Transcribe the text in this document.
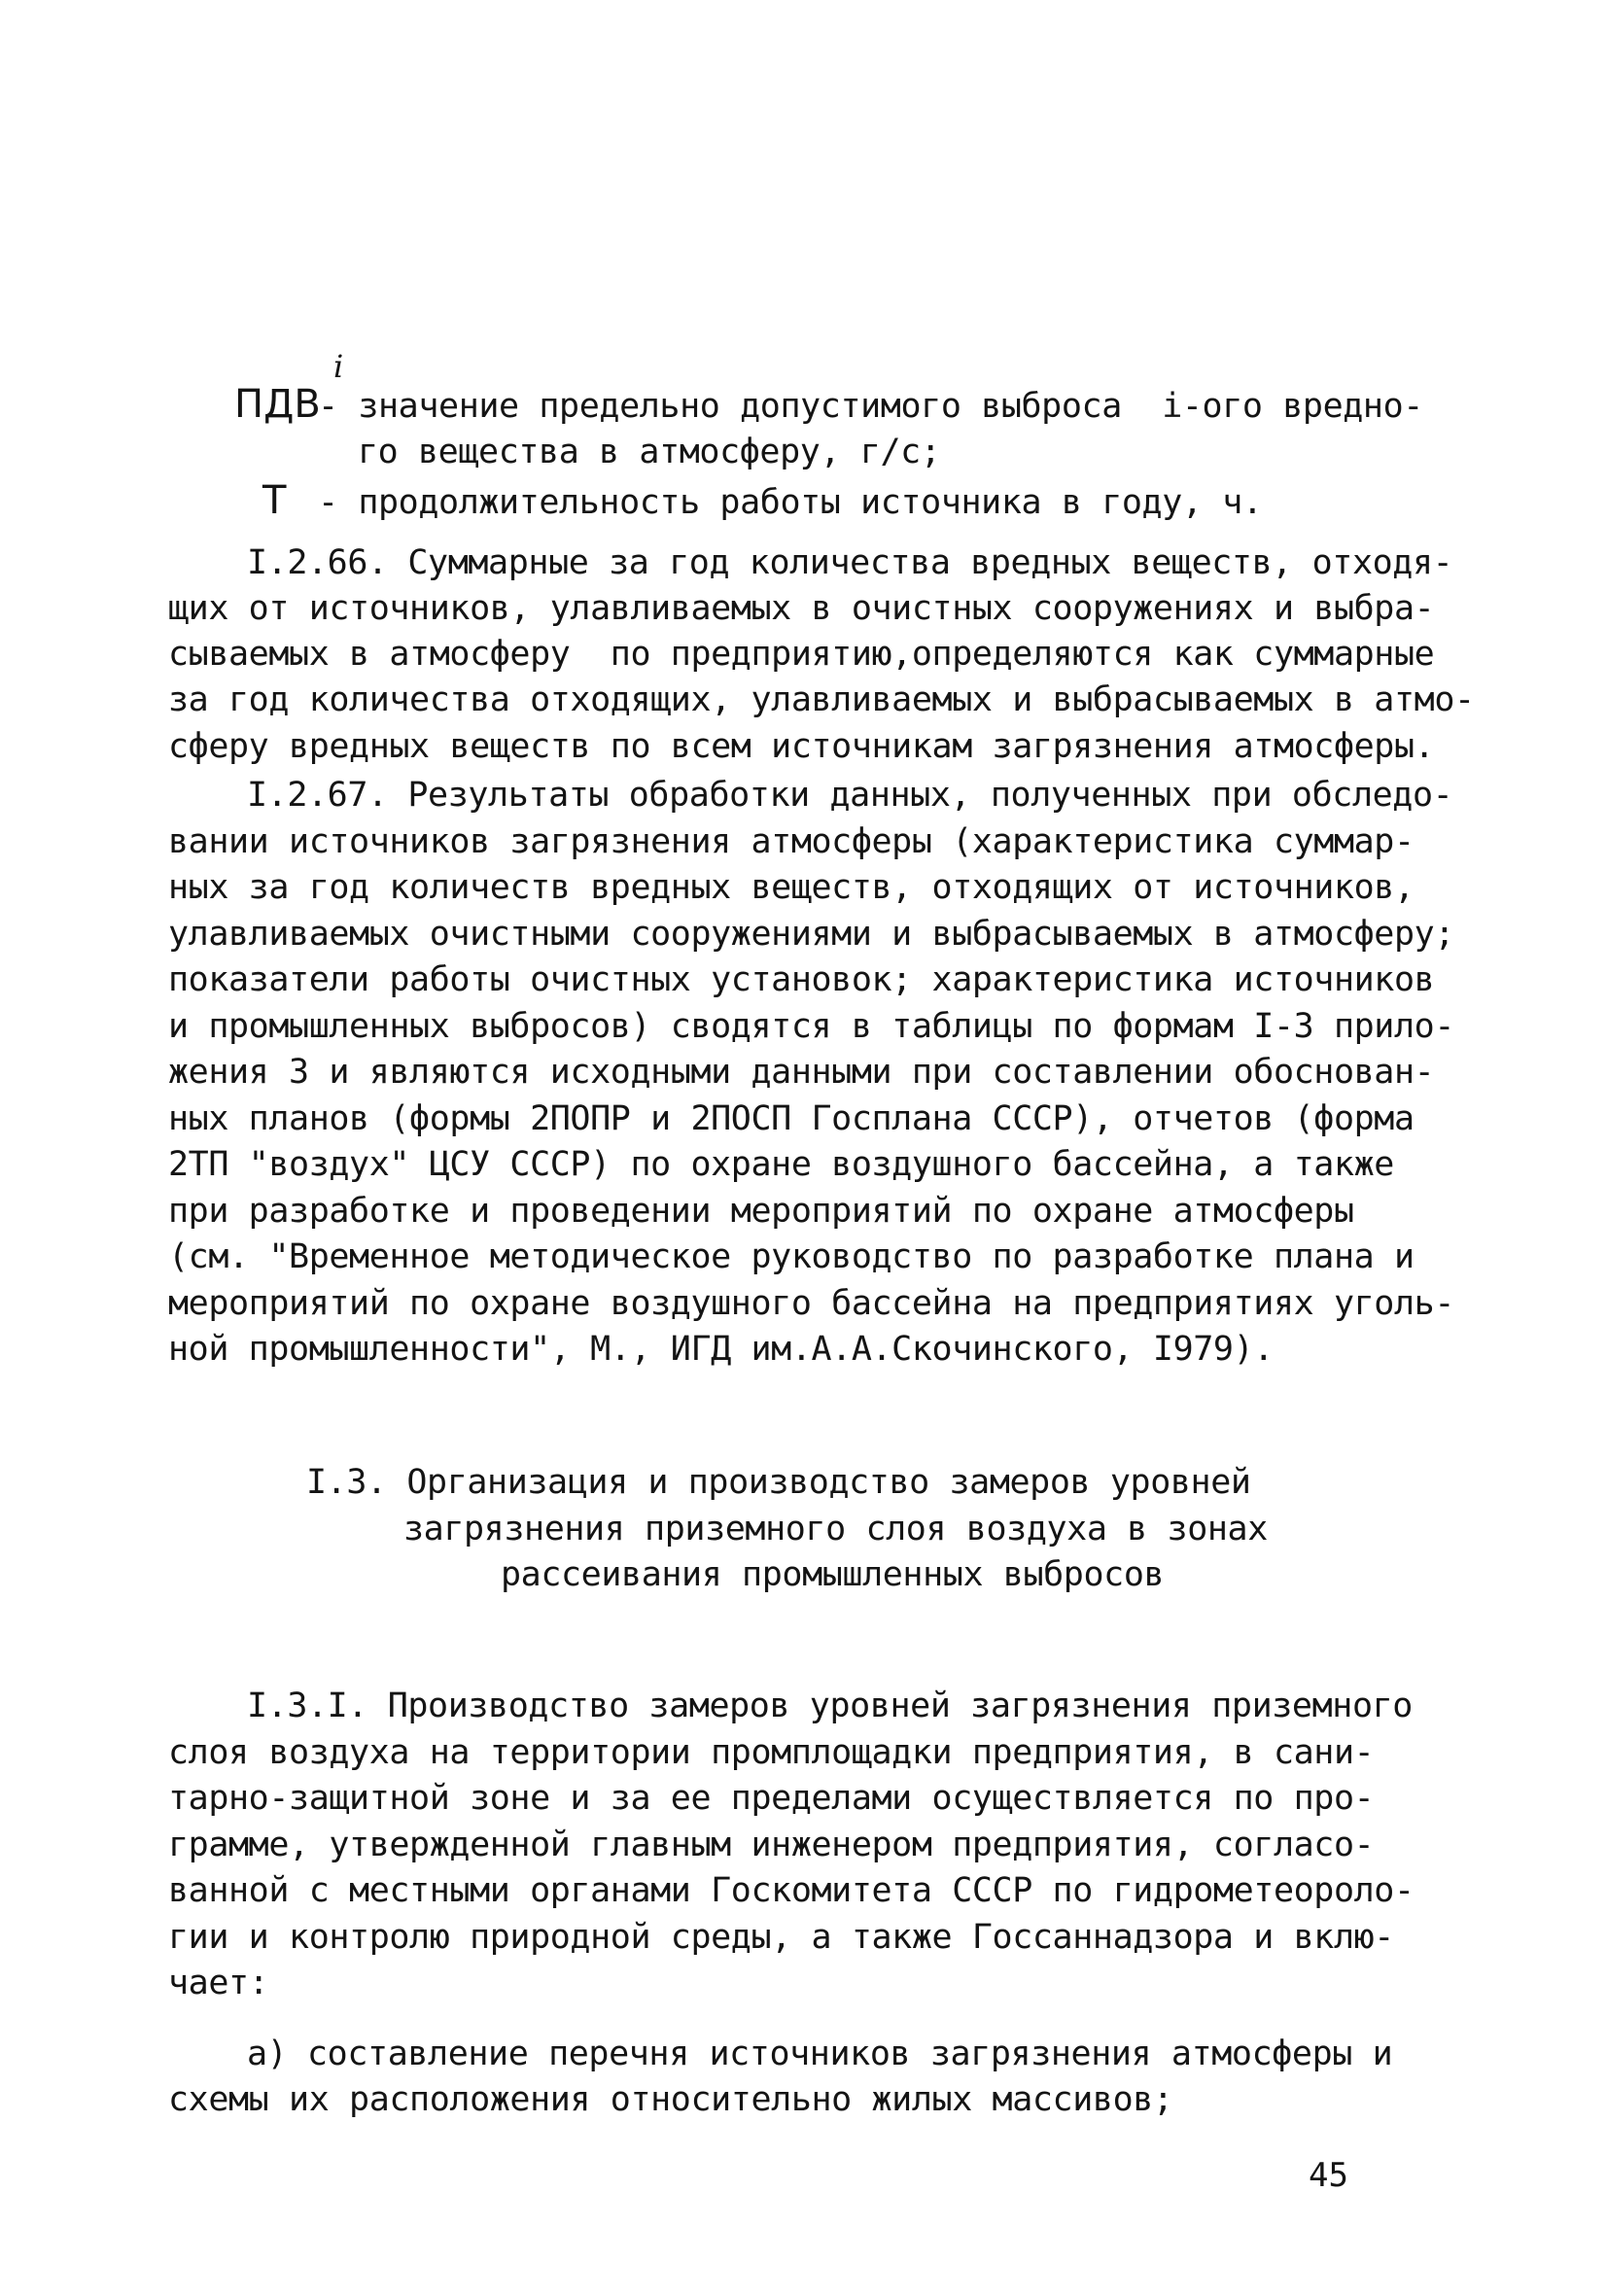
ПДВ
i
- значение предельно допустимого выброса  i-ого вредно-
го вещества в атмосферу, г/с;
Т - продолжительность работы источника в году, ч.
I.2.66. Суммарные за год количества вредных веществ, отходя-
щих от источников, улавливаемых в очистных сооружениях и выбра-
сываемых в атмосферу  по предприятию,определяются как суммарные
за год количества отходящих, улавливаемых и выбрасываемых в атмо-
сферу вредных веществ по всем источникам загрязнения атмосферы.
I.2.67. Результаты обработки данных, полученных при обследо-
вании источников загрязнения атмосферы (характеристика суммар-
ных за год количеств вредных веществ, отходящих от источников,
улавливаемых очистными сооружениями и выбрасываемых в атмосферу;
показатели работы очистных установок; характеристика источников
и промышленных выбросов) сводятся в таблицы по формам I-3 прило-
жения 3 и являются исходными данными при составлении обоснован-
ных планов (формы 2ПОПР и 2ПОСП Госплана СССР), отчетов (форма
2ТП "воздух" ЦСУ СССР) по охране воздушного бассейна, а также
при разработке и проведении мероприятий по охране атмосферы
(см. "Временное методическое руководство по разработке плана и
мероприятий по охране воздушного бассейна на предприятиях уголь-
ной промышленности", М., ИГД им.А.А.Скочинского, I979).
I.3. Организация и производство замеров уровней
загрязнения приземного слоя воздуха в зонах
рассеивания промышленных выбросов
I.3.I. Производство замеров уровней загрязнения приземного
слоя воздуха на территории промплощадки предприятия, в сани-
тарно-защитной зоне и за ее пределами осуществляется по про-
грамме, утвержденной главным инженером предприятия, согласо-
ванной с местными органами Госкомитета СССР по гидрометеороло-
гии и контролю природной среды, а также Госсаннадзора и вклю-
чает:
а) составление перечня источников загрязнения атмосферы и
схемы их расположения относительно жилых массивов;
45
